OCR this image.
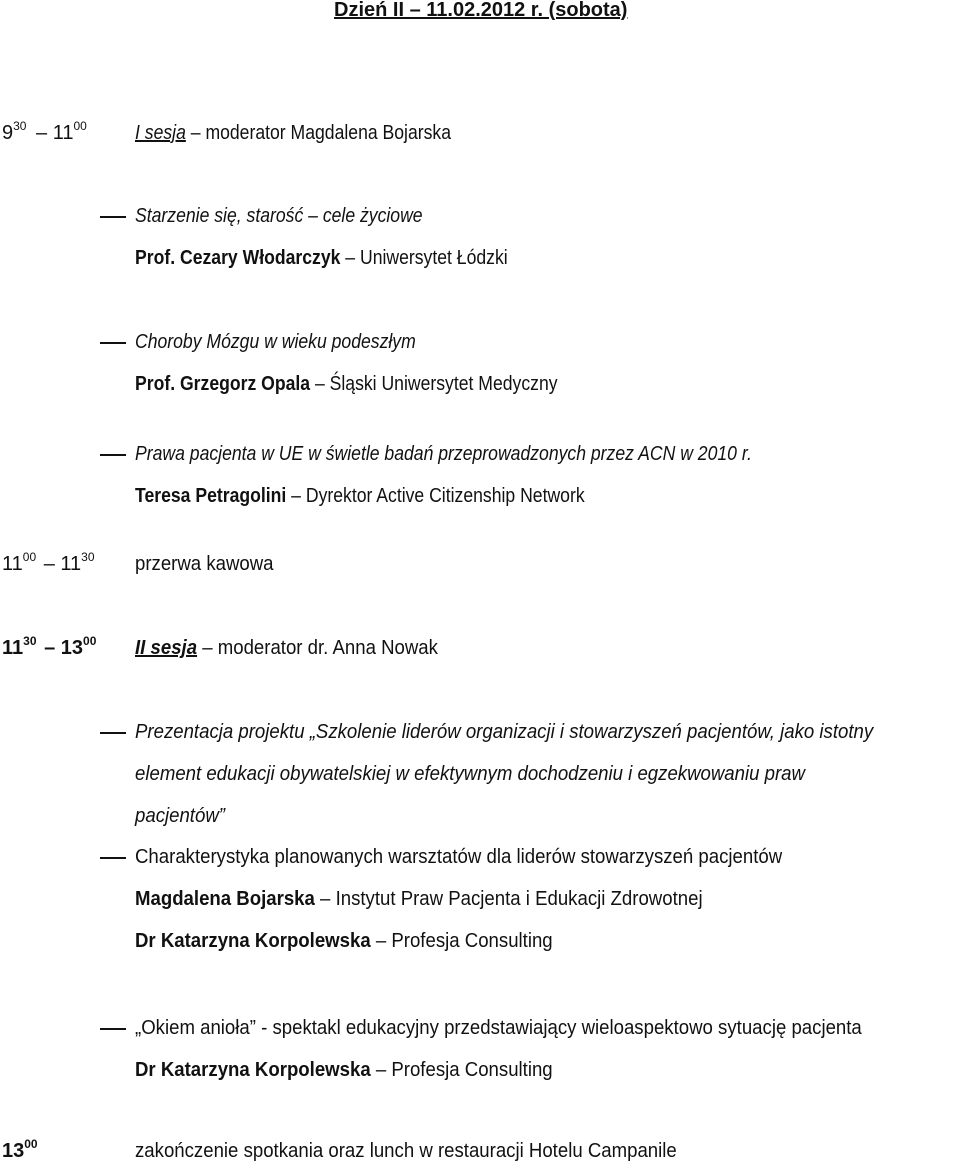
Dzień II – 11.02.2012 r. (sobota)
$9^{30} - 11^{00}$ I sesja – moderator Magdalena Bojarska
Starzenie się, starość – cele życiowe
Prof. Cezary Włodarczyk – Uniwersytet Łódzki
Choroby Mózgu w wieku podeszłym
Prof. Grzegorz Opala – Śląski Uniwersytet Medyczny
Prawa pacjenta w UE w świetle badań przeprowadzonych przez ACN w 2010 r.
Teresa Petragolini – Dyrektor Active Citizenship Network
$11^{00} - 11^{30}$ przerwa kawowa
$11^{30} - 13^{00}$ II sesja – moderator dr. Anna Nowak
Prezentacja projektu „Szkolenie liderów organizacji i stowarzyszeń pacjentów, jako istotny
element edukacji obywatelskiej w efektywnym dochodzeniu i egzekwowaniu praw
pacjentów”
Charakterystyka planowanych warsztatów dla liderów stowarzyszeń pacjentów
Magdalena Bojarska – Instytut Praw Pacjenta i Edukacji Zdrowotnej
Dr Katarzyna Korpolewska – Profesja Consulting
„Okiem anioła” - spektakl edukacyjny przedstawiający wieloaspektowo sytuację pacjenta
Dr Katarzyna Korpolewska – Profesja Consulting
$13^{00}$	zakończenie spotkania oraz lunch w restauracji Hotelu Campanile
